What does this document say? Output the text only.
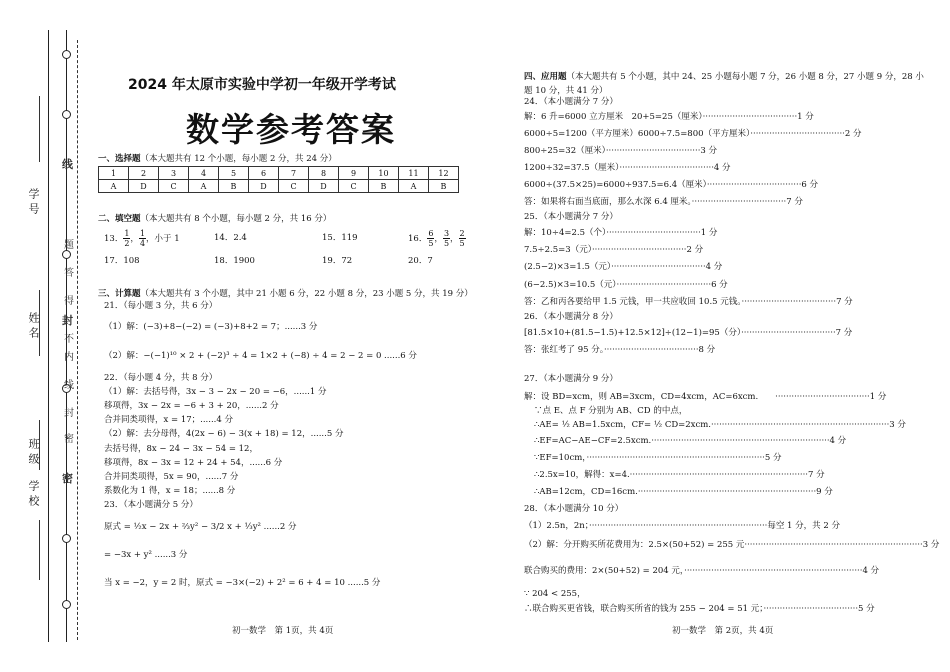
学号
姓名
班级
学校
线
封
密
题
答
得
不
内
线
封
密
2024 年太原市实验中学初一年级开学考试
数学参考答案
一、选择题（本大题共有 12 个小题，每小题 2 分，共 24 分）
1	2	3	4	5	6	7	8	9	10	11	12
A	D	C	A	B	D	C	D	C	B	A	B
二、填空题（本大题共有 8 个小题，每小题 2 分，共 16 分）
13． $\frac{1}{2}$ ， $\frac{1}{4}$ ，小于 1	14．2.4	15．119	16． $\frac{6}{5}$ ， $\frac{3}{5}$ ， $\frac{2}{5}$
17．108	18．1900	19．72	20．7
三、计算题（本大题共有 3 个小题，其中 21 小题 6 分，22 小题 8 分，23 小题 5 分，共 19 分）
21．（每小题 3 分，共 6 分）
（1）解：(−3)+8−(−2) = (−3)+8+2 = 7；......3 分
（2）解：−(−1)¹⁰ × 2 + (−2)³ ÷ 4 = 1×2 + (−8) ÷ 4 = 2 − 2 = 0 ......6 分
22．（每小题 4 分，共 8 分）
（1）解：去括号得，3x − 3 − 2x − 20 = −6，......1 分
移项得，3x − 2x = −6 + 3 + 20，......2 分
合并同类项得，x = 17；......4 分
（2）解：去分母得，4(2x − 6) − 3(x + 18) = 12，......5 分
去括号得，8x − 24 − 3x − 54 = 12，
移项得，8x − 3x = 12 + 24 + 54，......6 分
合并同类项得，5x = 90，......7 分
系数化为 1 得，x = 18；......8 分
23．（本小题满分 5 分）
原式 = ½x − 2x + ⅔y² − 3/2 x + ⅓y² ......2 分
= −3x + y² ......3 分
当 x = −2，y = 2 时，原式 = −3×(−2) + 2² = 6 + 4 = 10 ......5 分
初一数学　第 1页，共 4页
四、应用题（本大题共有 5 个小题，其中 24、25 小题每小题 7 分，26 小题 8 分，27 小题 9 分，28 小
题 10 分，共 41 分）
24．（本小题满分 7 分）
解：6 升=6000 立方厘米　20+5=25（厘米）···································1 分
6000÷5=1200（平方厘米）6000÷7.5=800（平方厘米）···································2 分
800÷25=32（厘米）···································3 分
1200÷32=37.5（厘米）···································4 分
6000÷(37.5×25)=6000÷937.5=6.4（厘米）···································6 分
答：如果将右面当底面，那么水深 6.4 厘米。···································7 分
25．（本小题满分 7 分）
解：10÷4=2.5（个）···································1 分
7.5÷2.5=3（元）···································2 分
(2.5−2)×3=1.5（元）···································4 分
(6−2.5)×3=10.5（元）···································6 分
答：乙和丙各要给甲 1.5 元钱，甲一共应收回 10.5 元钱。···································7 分
26．（本小题满分 8 分）
[81.5×10+(81.5−1.5)+12.5×12]÷(12−1)=95（分）···································7 分
答：张红考了 95 分。···································8 分
27．（本小题满分 9 分）
解：设 BD=xcm，则 AB=3xcm，CD=4xcm，AC=6xcm.　　···································1 分
∵点 E、点 F 分别为 AB、CD 的中点，
∴AE= ½ AB=1.5xcm，CF= ½ CD=2xcm.··································································3 分
∴EF=AC−AE−CF=2.5xcm.··································································4 分
∵EF=10cm，··································································5 分
∴2.5x=10，解得：x=4.··································································7 分
∴AB=12cm，CD=16cm.··································································9 分
28．（本小题满分 10 分）
（1）2.5n，2n；··································································每空 1 分，共 2 分
（2）解：分开购买所花费用为：2.5×(50+52) = 255 元··································································3 分
联合购买的费用：2×(50+52) = 204 元，··································································4 分
∵ 204 < 255，
∴联合购买更省钱，联合购买所省的钱为 255 − 204 = 51 元；···································5 分
初一数学　第 2页，共 4页
